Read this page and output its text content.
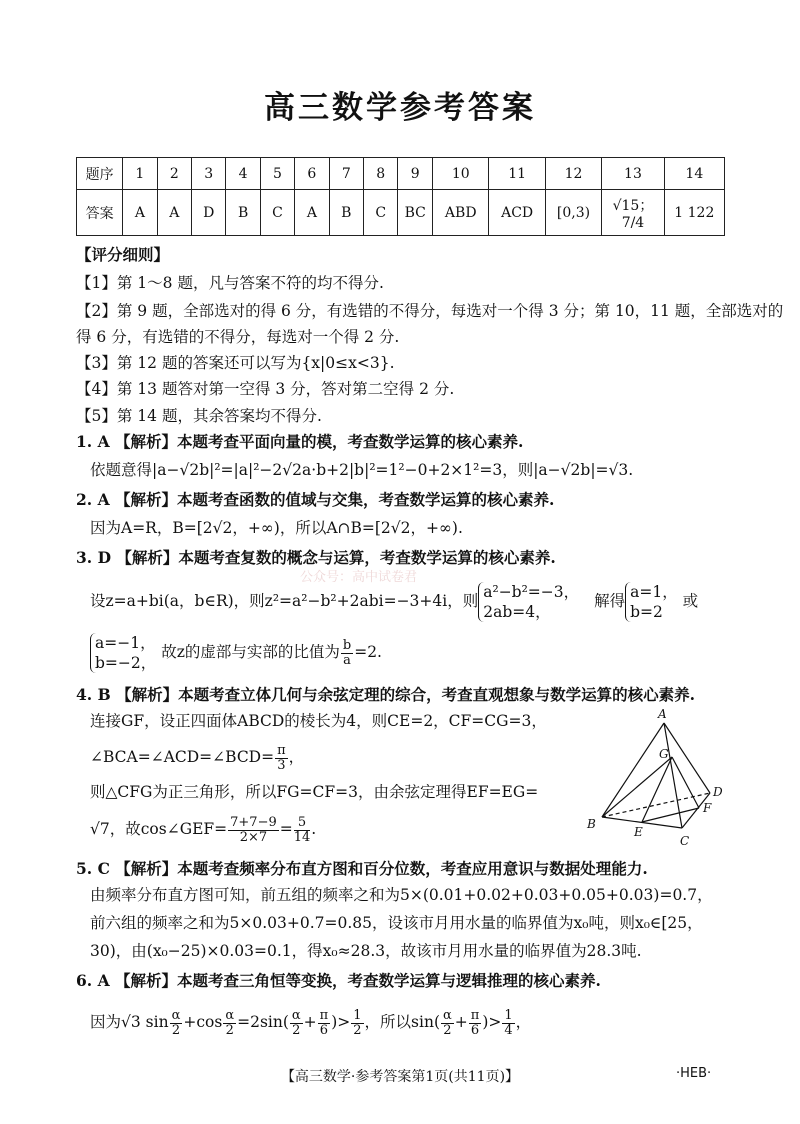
高三数学参考答案
题序	1	2	3	4	5	6	7	8	9	10	11	12	13	14
答案	A	A	D	B	C	A	B	C	BC	ABD	ACD	[0,3)	√15；7/4	1 122
【评分细则】
【1】第 1～8 题，凡与答案不符的均不得分.
【2】第 9 题，全部选对的得 6 分，有选错的不得分，每选对一个得 3 分；第 10，11 题，全部选对的
得 6 分，有选错的不得分，每选对一个得 2 分.
【3】第 12 题的答案还可以写为{x|0≤x<3}.
【4】第 13 题答对第一空得 3 分，答对第二空得 2 分.
【5】第 14 题，其余答案均不得分.
1. A 【解析】本题考查平面向量的模，考查数学运算的核心素养.
依题意得|a−√2b|²=|a|²−2√2a·b+2|b|²=1²−0+2×1²=3，则|a−√2b|=√3.
2. A 【解析】本题考查函数的值域与交集，考查数学运算的核心素养.
因为A=R，B=[2√2，+∞)，所以A∩B=[2√2，+∞).
3. D 【解析】本题考查复数的概念与运算，考查数学运算的核心素养.
公众号：高中试卷君
设z=a+bi(a，b∈R)，则z²=a²−b²+2abi=−3+4i，则 a²−b²=−3，
2ab=4，
解得 a=1，
b=2
或
a=−1，
b=−2，
故z的虚部与实部的比值为 $\frac{b}{a} =2$.
4. B 【解析】本题考查立体几何与余弦定理的综合，考查直观想象与数学运算的核心素养.
连接GF，设正四面体ABCD的棱长为4，则CE=2，CF=CG=3，
∠BCA=∠ACD=∠BCD= $\frac{\pi}{3}$ ，
则△CFG为正三角形，所以FG=CF=3，由余弦定理得EF=EG=
√7，故cos∠GEF= $\frac{7+7-9}{2\times 7} = \frac{5}{14}$ .
A
G
D
F
B
E
C
5. C 【解析】本题考查频率分布直方图和百分位数，考查应用意识与数据处理能力.
由频率分布直方图可知，前五组的频率之和为5×(0.01+0.02+0.03+0.05+0.03)=0.7，
前六组的频率之和为5×0.03+0.7=0.85，设该市月用水量的临界值为x₀吨，则x₀∈[25，
30)，由(x₀−25)×0.03=0.1，得x₀≈28.3，故该市月用水量的临界值为28.3吨.
6. A 【解析】本题考查三角恒等变换，考查数学运算与逻辑推理的核心素养.
因为√3 $\sin \frac{\alpha}{2} +\cos \frac{\alpha}{2} =2\sin( \frac{\alpha}{2} + \frac{\pi}{6}$ )> $\frac{1}{2}$ ，所以$\sin( \frac{\alpha}{2} + \frac{\pi}{6}$ )> $\frac{1}{4}$ ，
【高三数学·参考答案第1页(共11页)】	·HEB·
